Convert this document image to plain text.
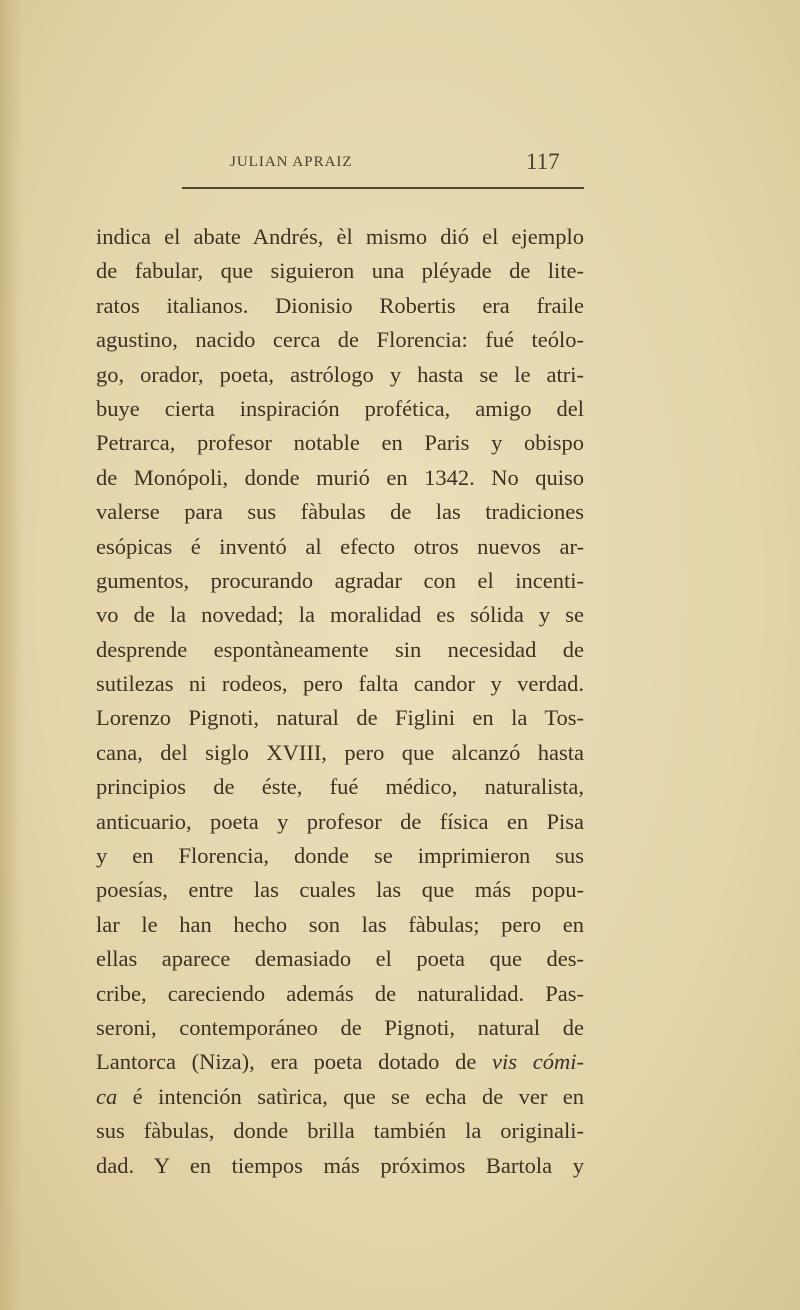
JULIAN APRAIZ	117
indica el abate Andrés, èl mismo dió el ejemplo
de fabular, que siguieron una pléyade de lite-
ratos italianos. Dionisio Robertis era fraile
agustino, nacido cerca de Florencia: fué teólo-
go, orador, poeta, astrólogo y hasta se le atri-
buye cierta inspiración profética, amigo del
Petrarca, profesor notable en Paris y obispo
de Monópoli, donde murió en 1342. No quiso
valerse para sus fàbulas de las tradiciones
esópicas é inventó al efecto otros nuevos ar-
gumentos, procurando agradar con el incenti-
vo de la novedad; la moralidad es sólida y se
desprende espontàneamente sin necesidad de
sutilezas ni rodeos, pero falta candor y verdad.
Lorenzo Pignoti, natural de Figlini en la Tos-
cana, del siglo XVIII, pero que alcanzó hasta
principios de éste, fué médico, naturalista,
anticuario, poeta y profesor de física en Pisa
y en Florencia, donde se imprimieron sus
poesías, entre las cuales las que más popu-
lar le han hecho son las fàbulas; pero en
ellas aparece demasiado el poeta que des-
cribe, careciendo además de naturalidad. Pas-
seroni, contemporáneo de Pignoti, natural de
Lantorca (Niza), era poeta dotado de vis cómi-
ca é intención satìrica, que se echa de ver en
sus fàbulas, donde brilla también la originali-
dad. Y en tiempos más próximos Bartola y
